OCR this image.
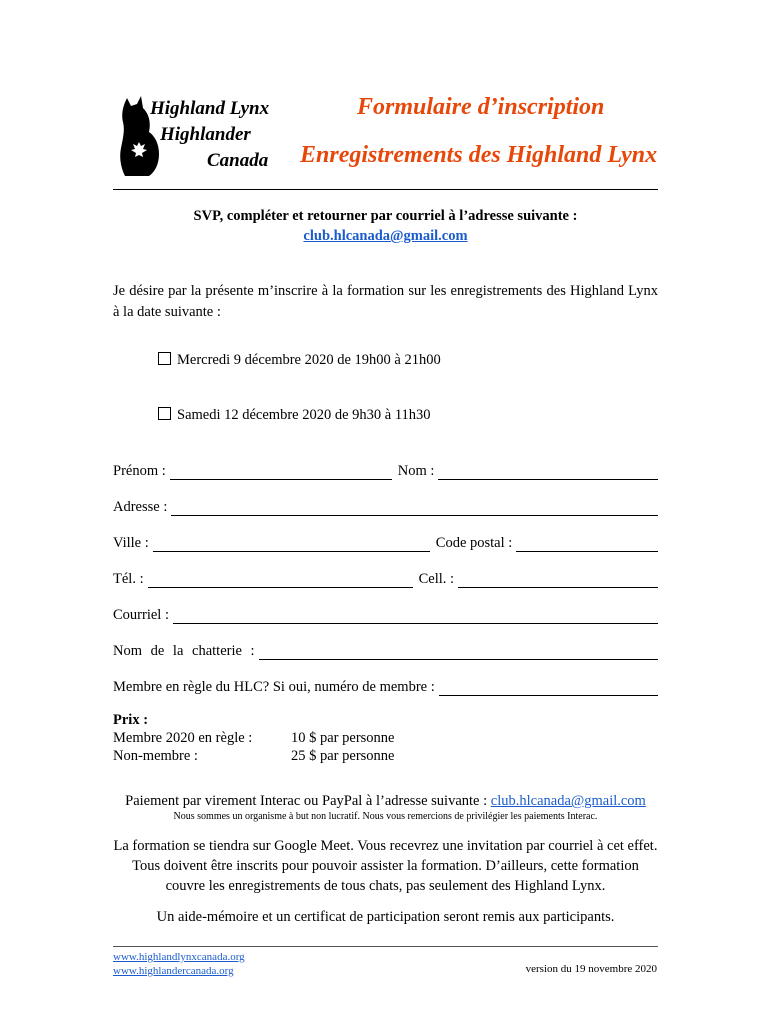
Highland Lynx
Highlander
Canada
Formulaire d’inscription
Enregistrements des Highland Lynx
SVP, compléter et retourner par courriel à l’adresse suivante :
club.hlcanada@gmail.com
Je désire par la présente m’inscrire à la formation sur les enregistrements des Highland Lynx à la date suivante :
Mercredi 9 décembre 2020 de 19h00 à 21h00
Samedi 12 décembre 2020 de 9h30 à 11h30
Prénom :	Nom :
Adresse :
Ville :	Code postal :
Tél. :	Cell. :
Courriel :
Nom de la chatterie :
Membre en règle du HLC? Si oui, numéro de membre :
Prix :
Membre 2020 en règle :	10 $ par personne
Non-membre :	25 $ par personne
Paiement par virement Interac ou PayPal à l’adresse suivante : club.hlcanada@gmail.com
Nous sommes un organisme à but non lucratif. Nous vous remercions de privilégier les paiements Interac.
La formation se tiendra sur Google Meet. Vous recevrez une invitation par courriel à cet effet. Tous doivent être inscrits pour pouvoir assister la formation. D’ailleurs, cette formation couvre les enregistrements de tous chats, pas seulement des Highland Lynx.
Un aide-mémoire et un certificat de participation seront remis aux participants.
www.highlandlynxcanada.org
www.highlandercanada.org	version du 19 novembre 2020
